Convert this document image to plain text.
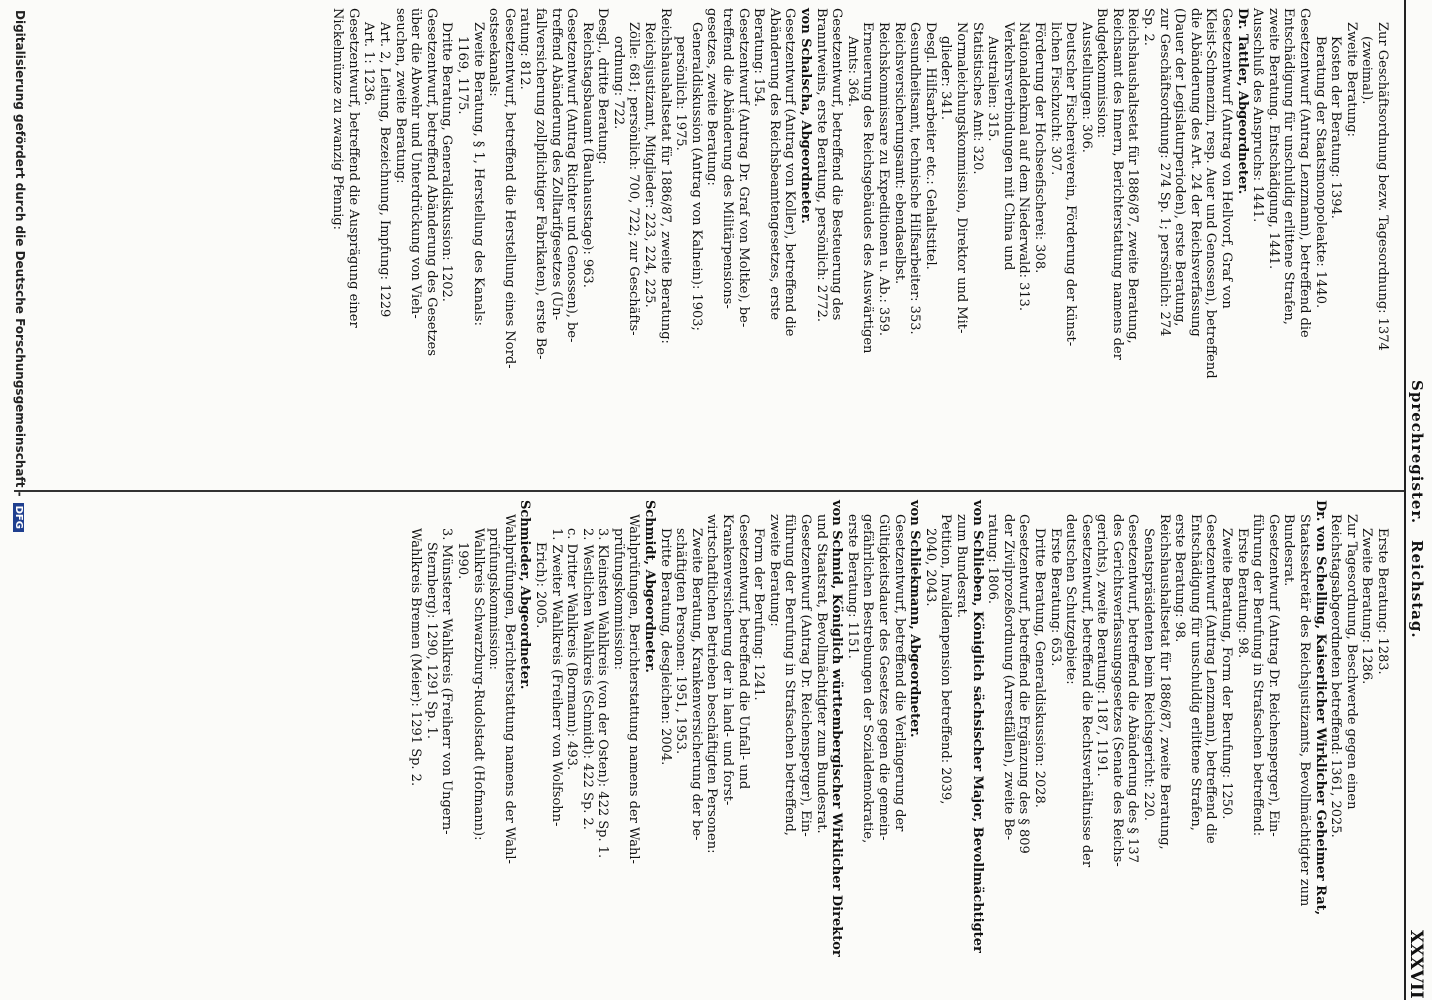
Sprechregister.
Reichstag.
XXXVII

Zur Geschäftsordnung bezw. Tagesordnung: 1374

(zweimal).

Zweite Beratung:

Kosten der Beratung: 1394.

Beratung der Staatsmonopoleakte: 1440.

Gesetzentwurf (Antrag Lenzmann), betreffend die

Entschädigung für unschuldig erlittene Strafen,

zweite Beratung. Entschädigung, 1441.

Ausschluß des Anspruchs: 1441.

Dr. Tattler, Abgeordneter.

Gesetzentwurf (Antrag von Hellvorf, Graf von

Kleist-Schmenzin, resp. Auer und Genossen), betreffend

die Abänderung des Art. 24 der Reichsverfassung

(Dauer der Legislaturperioden), erste Beratung,

zur Geschäftsordnung: 274 Sp. 1; persönlich: 274

Sp. 2.

Reichshaushaltsetat für 1886/87, zweite Beratung,

Reichsamt des Innern, Berichterstattung namens der

Budgetkommission:

Ausstellungen: 306.

Deutscher Fischereiverein, Förderung der künst-

lichen Fischzucht: 307.

Förderung der Hochseefischerei: 308.

Nationaldenkmal auf dem Niederwald: 313.

Verkehrsverbindungen mit China und

Australien: 315.

Statistisches Amt: 320.

Normaleichungskommission, Direktor und Mit-

glieder: 341.

Desgl. Hilfsarbeiter etc.: Gehaltstitel.

Gesundheitsamt, technische Hilfsarbeiter: 353.

Reichsversicherungsamt: ebendaselbst.

Reichskommissare zu Expeditionen u. Ab.: 359.

Erneuerung des Reichsgebäudes des Auswärtigen

Amts: 364.

Gesetzentwurf, betreffend die Besteuerung des

Branntweins, erste Beratung, persönlich: 2772.

von Schalscha, Abgeordneter.

Gesetzentwurf (Antrag von Koller), betreffend die

Abänderung des Reichsbeamtengesetzes, erste

Beratung: 154.

Gesetzentwurf (Antrag Dr. Graf von Moltke), be-

treffend die Abänderung des Militärpensions-

gesetzes, zweite Beratung:

Generaldiskussion (Antrag von Kalnein): 1903;

persönlich: 1975.

Reichshaushaltsetat für 1886/87, zweite Beratung:

Reichsjustizamt, Mitglieder: 223, 224, 225.

Zölle: 681; persönlich: 700, 722; zur Geschäfts-

ordnung: 722.

Desgl., dritte Beratung:

Reichstagsbauamt (Bauhausstage): 963.

Gesetzentwurf (Antrag Richter und Genossen), be-

treffend Abänderung des Zolltarifgesetzes (Un-

fallversicherung zollpflichtiger Fabrikaten), erste Be-

ratung: 812.

Gesetzentwurf, betreffend die Herstellung eines Nord-

ostseekanals:

Zweite Beratung, § 1, Herstellung des Kanals:

1169, 1175.

Dritte Beratung, Generaldiskussion: 1202.

Gesetzentwurf, betreffend Abänderung des Gesetzes

über die Abwehr und Unterdrückung von Vieh-

seuchen, zweite Beratung:

Art. 2, Leitung, Bezeichnung, Impfung: 1229

Art. 1: 1236.

Gesetzentwurf, betreffend die Ausprägung einer

Nickelmünze zu zwanzig Pfennig:

Erste Beratung: 1283.

Zweite Beratung: 1286.

Zur Tagesordnung, Beschwerde gegen einen

Reichstagsabgeordneten betreffend: 1361, 2025.

Dr. von Schelling, Kaiserlicher Wirklicher Geheimer Rat,

Staatssekretär des Reichsjustizamts, Bevollmächtigter zum

Bundesrat.

Gesetzentwurf (Antrag Dr. Reichensperger), Ein-

führung der Berufung in Strafsachen betreffend:

Erste Beratung: 98.

Zweite Beratung, Form der Berufung: 1250.

Gesetzentwurf (Antrag Lenzmann), betreffend die

Entschädigung für unschuldig erlittene Strafen,

erste Beratung: 98.

Reichshaushaltsetat für 1886/87, zweite Beratung,

Senatspräsidenten beim Reichsgericht: 220.

Gesetzentwurf, betreffend die Abänderung des § 137

des Gerichtsverfassungsgesetzes (Senate des Reichs-

gerichts), zweite Beratung: 1187, 1191.

Gesetzentwurf, betreffend die Rechtsverhältnisse der

deutschen Schutzgebiete:

Erste Beratung: 653.

Dritte Beratung, Generaldiskussion: 2028.

Gesetzentwurf, betreffend die Ergänzung des § 809

der Zivilprozeßordnung (Arrestfällen), zweite Be-

ratung: 1806.

von Schlieben, Königlich sächsischer Major, Bevollmächtigter

zum Bundesrat.

Petition, Invalidenpension betreffend: 2039,

2040, 2043.

von Schliekmann, Abgeordneter.

Gesetzentwurf, betreffend die Verlängerung der

Gültigkeitsdauer des Gesetzes gegen die gemein-

gefährlichen Bestrebungen der Sozialdemokratie,

erste Beratung: 1151.

von Schmid, Königlich württembergischer Wirklicher Direktor

und Staatsrat, Bevollmächtigter zum Bundesrat.

Gesetzentwurf (Antrag Dr. Reichensperger), Ein-

führung der Berufung in Strafsachen betreffend,

zweite Beratung:

Form der Berufung: 1241.

Gesetzentwurf, betreffend die Unfall- und

Krankenversicherung der in land- und forst-

wirtschaftlichen Betrieben beschäftigten Personen:

Zweite Beratung, Krankenversicherung der be-

schäftigten Personen: 1951, 1953.

Dritte Beratung, desgleichen: 2004.

Schmidt, Abgeordneter.

Wahlprüfungen, Berichterstattung namens der Wahl-

prüfungskommission:

3. Kleinsten Wahlkreis (von der Osten): 422 Sp. 1.

2. Westlichen Wahlkreis (Schmidt): 422 Sp. 2.

c. Dritter Wahlkreis (Bormann): 493.

1. Zweiter Wahlkreis (Freiherr von Wolfsohn-

Erich): 2005.

Schmieder, Abgeordneter.

Wahlprüfungen, Berichterstattung namens der Wahl-

prüfungskommission:

Wahlkreis Schwarzburg-Rudolstadt (Hofmann):

1990.

3. Münsterer Wahlkreis (Freiherr von Ungern-

Sternberg): 1290, 1291 Sp. 1.

Wahlkreis Bremen (Meier): 1291 Sp. 2.

Digitalisierung gefördert durch die Deutsche Forschungsgemeinschaft -DFG
